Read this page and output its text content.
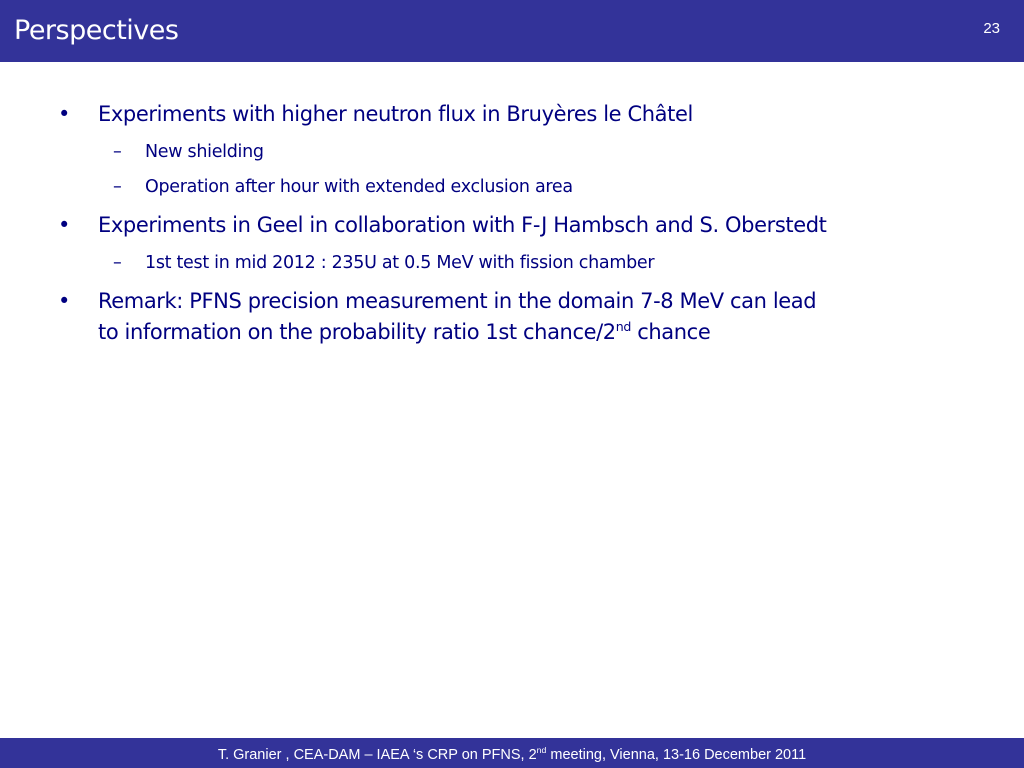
Perspectives	23
•	Experiments with higher neutron flux in Bruyères le Châtel
– New shielding
– Operation after hour with extended exclusion area
•	Experiments in Geel in collaboration with F-J Hambsch and S. Oberstedt
– 1st test in mid 2012 : 235U at 0.5 MeV with fission chamber
•	Remark: PFNS precision measurement in the domain 7-8 MeV can lead
to information on the probability ratio 1st chance/2nd chance
T. Granier , CEA-DAM – IAEA ‘s CRP on PFNS, 2nd meeting, Vienna, 13-16 December 2011
